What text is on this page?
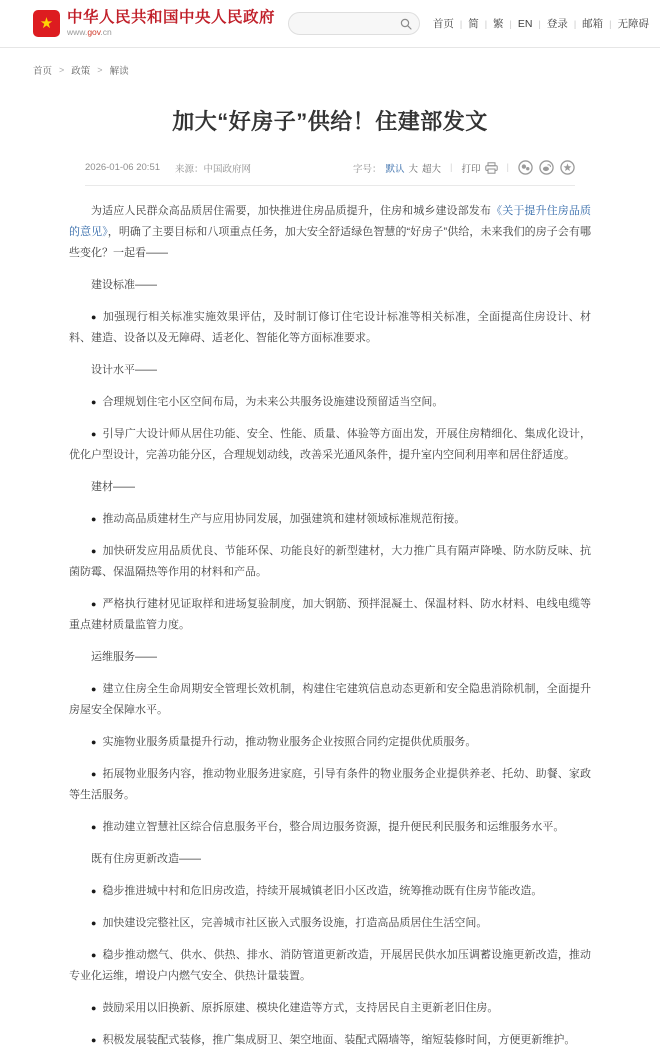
★ 中华人民共和国中央人民政府
www.gov.cn
首页 | 简 | 繁 | EN | 登录 | 邮箱 | 无障碍
首页 > 政策 > 解读
加大“好房子”供给！住建部发文
2026-01-06 20:51 来源：中国政府网	字号： 默认 大 超大 | 打印	|

为适应人民群众高品质居住需要，加快推进住房品质提升，住房和城乡建设部发布《关于提升住房品质的意见》，明确了主要目标和八项重点任务，加大安全舒适绿色智慧的“好房子”供给，未来我们的房子会有哪些变化？一起看——

建设标准——

● 加强现行相关标准实施效果评估，及时制订修订住宅设计标准等相关标准，全面提高住房设计、材料、建造、设备以及无障碍、适老化、智能化等方面标准要求。

设计水平——

● 合理规划住宅小区空间布局，为未来公共服务设施建设预留适当空间。

● 引导广大设计师从居住功能、安全、性能、质量、体验等方面出发，开展住房精细化、集成化设计，优化户型设计，完善功能分区，合理规划动线，改善采光通风条件，提升室内空间利用率和居住舒适度。

建材——

● 推动高品质建材生产与应用协同发展，加强建筑和建材领域标准规范衔接。

● 加快研发应用品质优良、节能环保、功能良好的新型建材，大力推广具有隔声降噪、防水防反味、抗菌防霉、保温隔热等作用的材料和产品。

● 严格执行建材见证取样和进场复验制度，加大钢筋、预拌混凝土、保温材料、防水材料、电线电缆等重点建材质量监管力度。

运维服务——

● 建立住房全生命周期安全管理长效机制，构建住宅建筑信息动态更新和安全隐患消除机制，全面提升房屋安全保障水平。

● 实施物业服务质量提升行动，推动物业服务企业按照合同约定提供优质服务。

● 拓展物业服务内容，推动物业服务进家庭，引导有条件的物业服务企业提供养老、托幼、助餐、家政等生活服务。

● 推动建立智慧社区综合信息服务平台，整合周边服务资源，提升便民利民服务和运维服务水平。

既有住房更新改造——

● 稳步推进城中村和危旧房改造，持续开展城镇老旧小区改造，统筹推动既有住房节能改造。

● 加快建设完整社区，完善城市社区嵌入式服务设施，打造高品质居住生活空间。

● 稳步推动燃气、供水、供热、排水、消防管道更新改造，开展居民供水加压调蓄设施更新改造，推动专业化运维，增设户内燃气安全、供热计量装置。

● 鼓励采用以旧换新、原拆原建、模块化建造等方式，支持居民自主更新老旧住房。

● 积极发展装配式装修，推广集成厨卫、架空地面、装配式隔墙等，缩短装修时间，方便更新维护。
